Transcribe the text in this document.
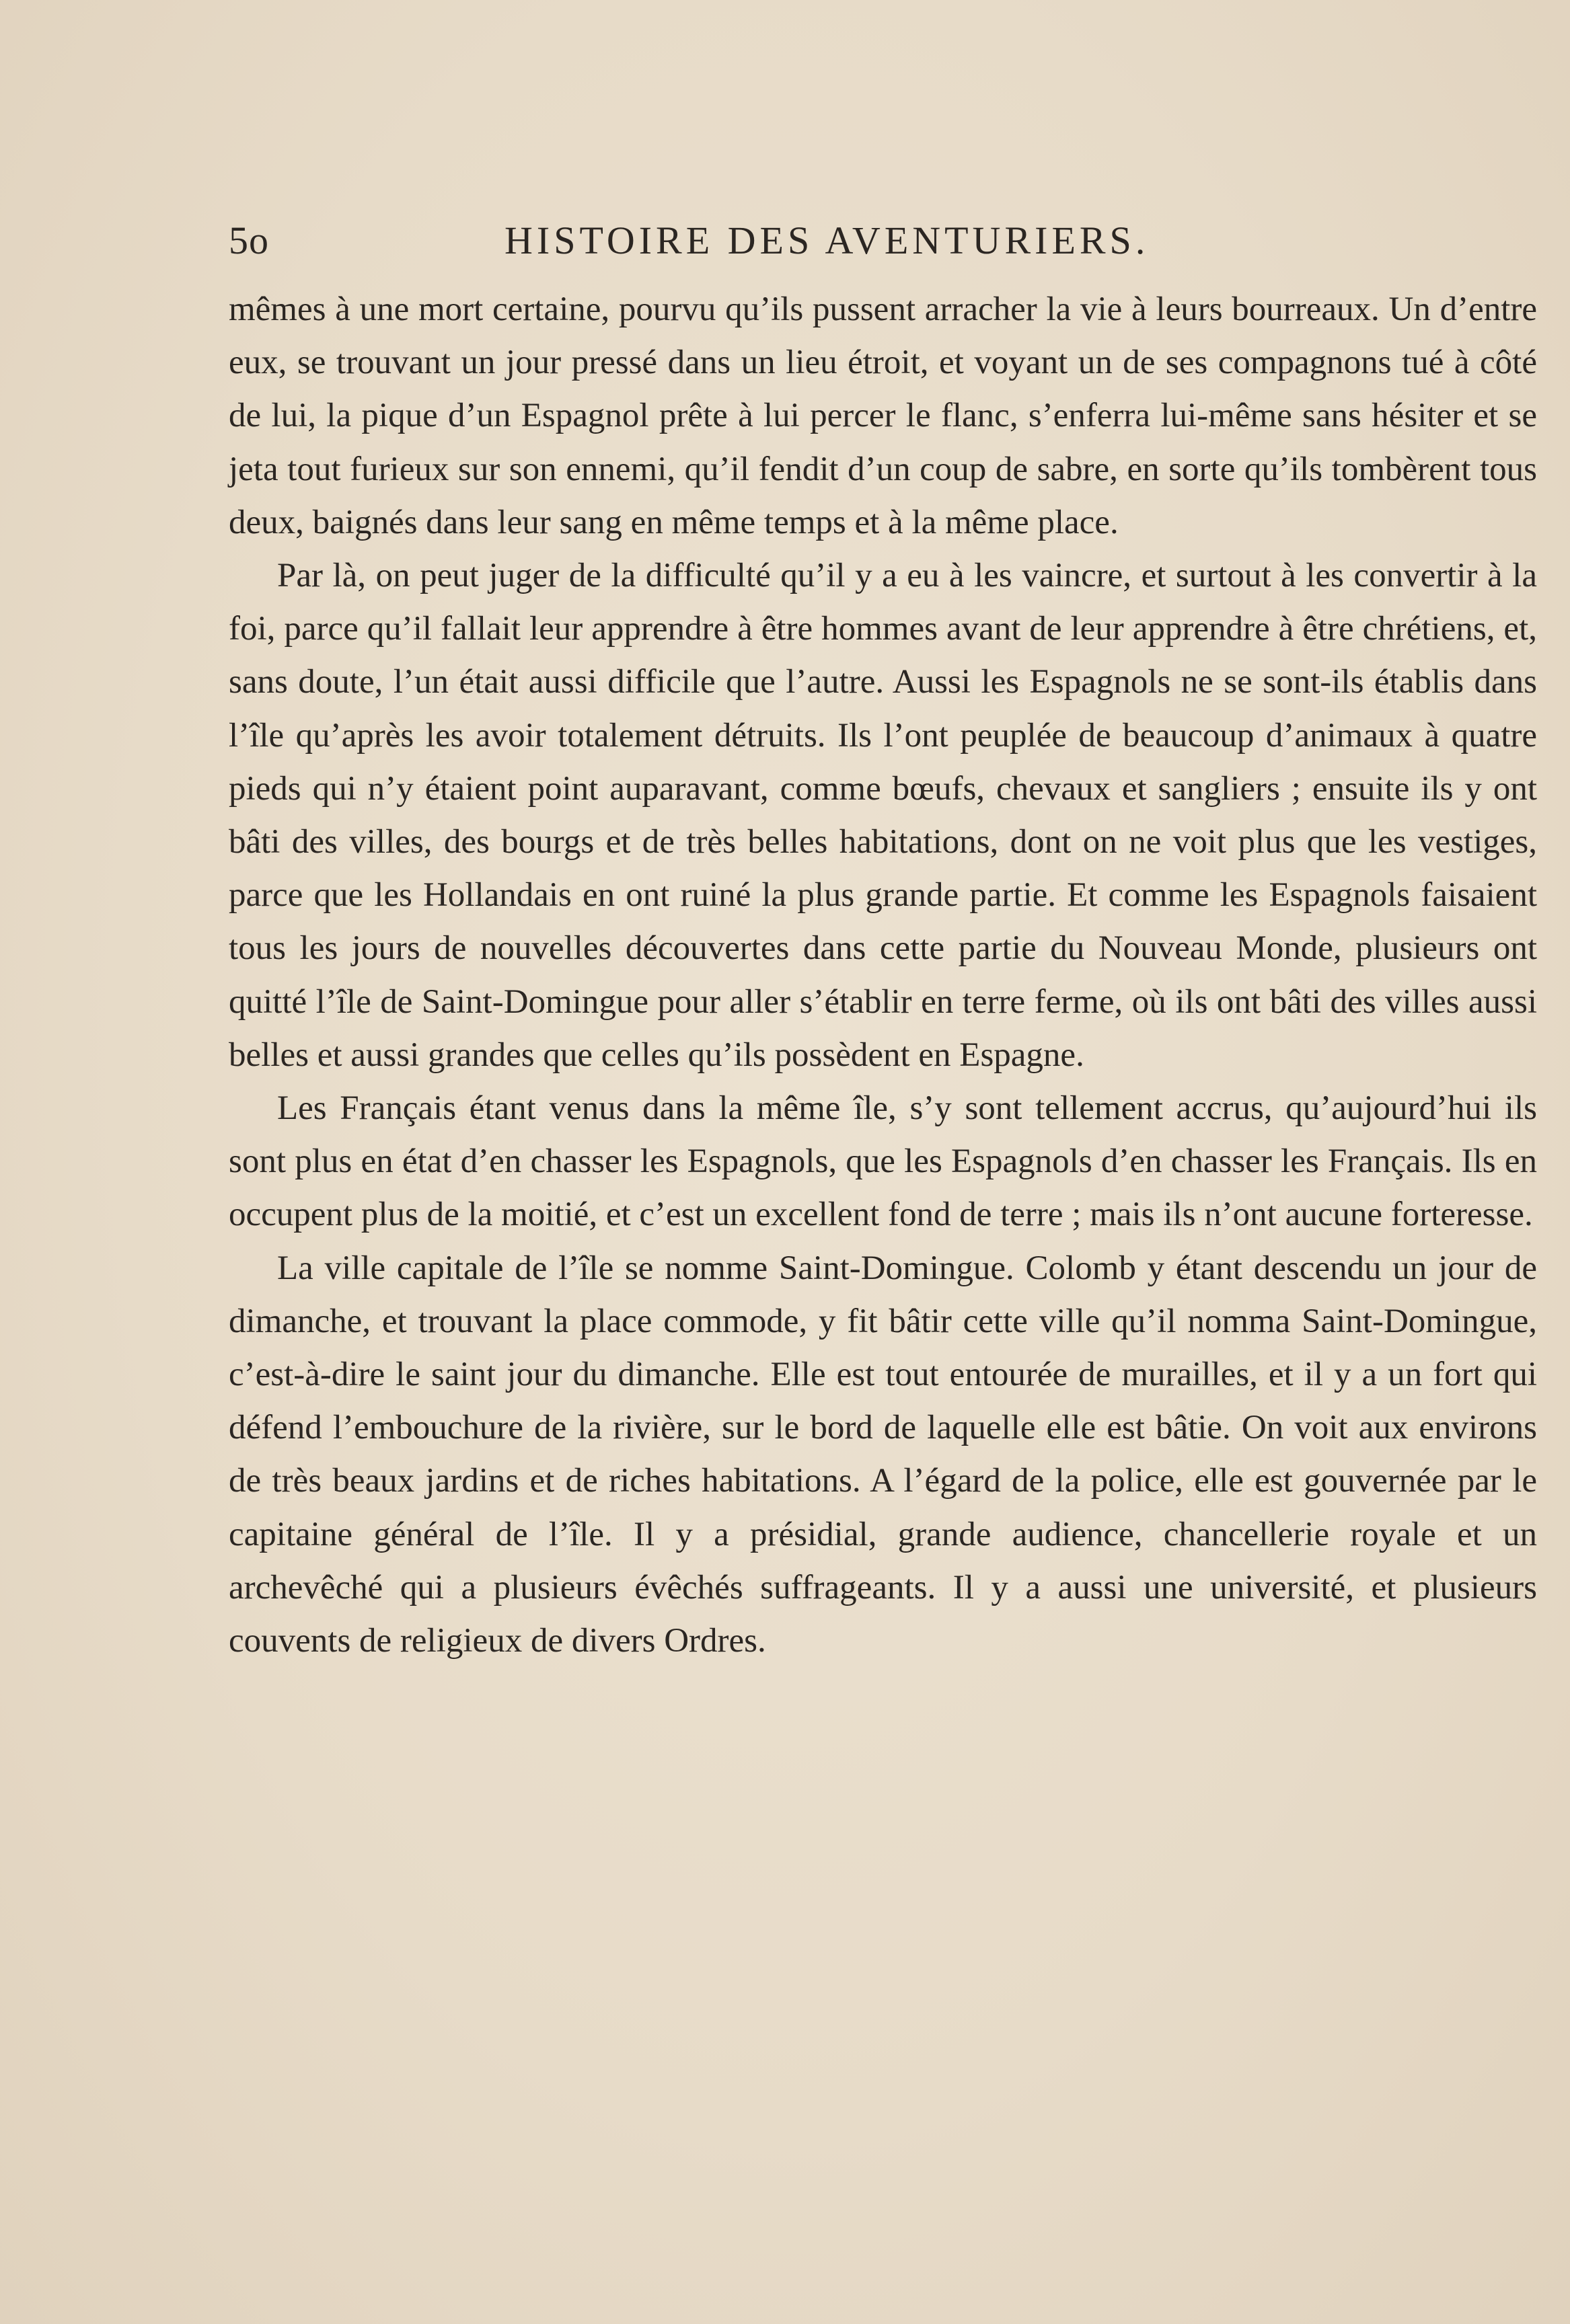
5o	HISTOIRE DES AVENTURIERS.

mêmes à une mort certaine, pourvu qu’ils pussent arracher la vie à leurs bourreaux. Un d’entre eux, se trouvant un jour pressé dans un lieu étroit, et voyant un de ses compagnons tué à côté de lui, la pique d’un Espagnol prête à lui percer le flanc, s’enferra lui-même sans hésiter et se jeta tout furieux sur son ennemi, qu’il fendit d’un coup de sabre, en sorte qu’ils tombèrent tous deux, baignés dans leur sang en même temps et à la même place.

Par là, on peut juger de la difficulté qu’il y a eu à les vaincre, et surtout à les convertir à la foi, parce qu’il fallait leur apprendre à être hommes avant de leur apprendre à être chrétiens, et, sans doute, l’un était aussi difficile que l’autre. Aussi les Espagnols ne se sont-ils établis dans l’île qu’après les avoir totalement détruits. Ils l’ont peuplée de beaucoup d’animaux à quatre pieds qui n’y étaient point auparavant, comme bœufs, chevaux et sangliers ; ensuite ils y ont bâti des villes, des bourgs et de très belles habitations, dont on ne voit plus que les vestiges, parce que les Hollandais en ont ruiné la plus grande partie. Et comme les Espagnols faisaient tous les jours de nouvelles découvertes dans cette partie du Nouveau Monde, plusieurs ont quitté l’île de Saint-Domingue pour aller s’établir en terre ferme, où ils ont bâti des villes aussi belles et aussi grandes que celles qu’ils possèdent en Espagne.

Les Français étant venus dans la même île, s’y sont tellement accrus, qu’aujourd’hui ils sont plus en état d’en chasser les Espagnols, que les Espagnols d’en chasser les Français. Ils en occupent plus de la moitié, et c’est un excellent fond de terre ; mais ils n’ont aucune forteresse.

La ville capitale de l’île se nomme Saint-Domingue. Colomb y étant descendu un jour de dimanche, et trouvant la place commode, y fit bâtir cette ville qu’il nomma Saint-Domingue, c’est-à-dire le saint jour du dimanche. Elle est tout entourée de murailles, et il y a un fort qui défend l’embouchure de la rivière, sur le bord de laquelle elle est bâtie. On voit aux environs de très beaux jardins et de riches habitations. A l’égard de la police, elle est gouvernée par le capitaine général de l’île. Il y a présidial, grande audience, chancellerie royale et un archevêché qui a plusieurs évêchés suffrageants. Il y a aussi une université, et plusieurs couvents de religieux de divers Ordres.
